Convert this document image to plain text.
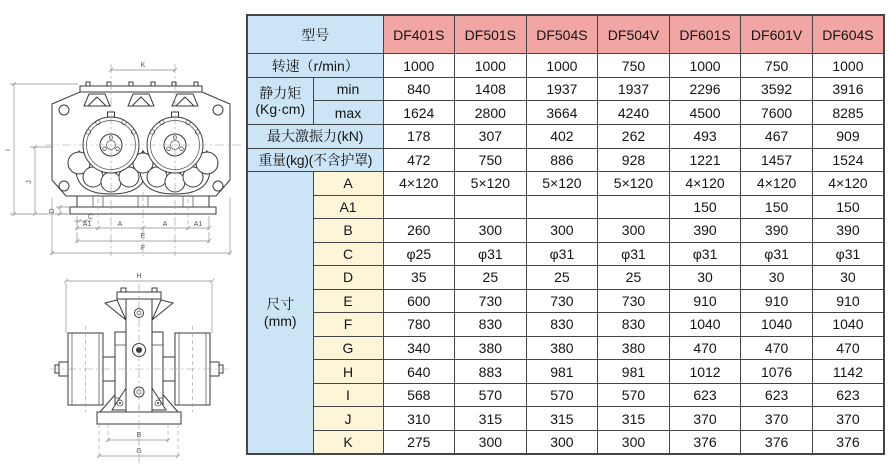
K
I
J
D
C
A1	A	A	A1
E
F
H
B
G
型号		DF401S	DF501S	DF504S	DF504V	DF601S	DF601V	DF604S
转速（r/min）		1000	1000	1000	750	1000	750	1000

静力矩
(Kg·cm)	min	840	1408	1937	1937	2296	3592	3916
	max	1624	2800	3664	4240	4500	7600	8285
最大激振力(kN)		178	307	402	262	493	467	909
重量(kg)(不含护罩)		472	750	886	928	1221	1457	1524

尺寸
(mm)	A	4×120	5×120	5×120	5×120	4×120	4×120	4×120
	A1					150	150	150
	B	260	300	300	300	390	390	390
	C	φ25	φ31	φ31	φ31	φ31	φ31	φ31
	D	35	25	25	25	30	30	30
	E	600	730	730	730	910	910	910
	F	780	830	830	830	1040	1040	1040
	G	340	380	380	380	470	470	470
	H	640	883	981	981	1012	1076	1142
	I	568	570	570	570	623	623	623
	J	310	315	315	315	370	370	370
	K	275	300	300	300	376	376	376
